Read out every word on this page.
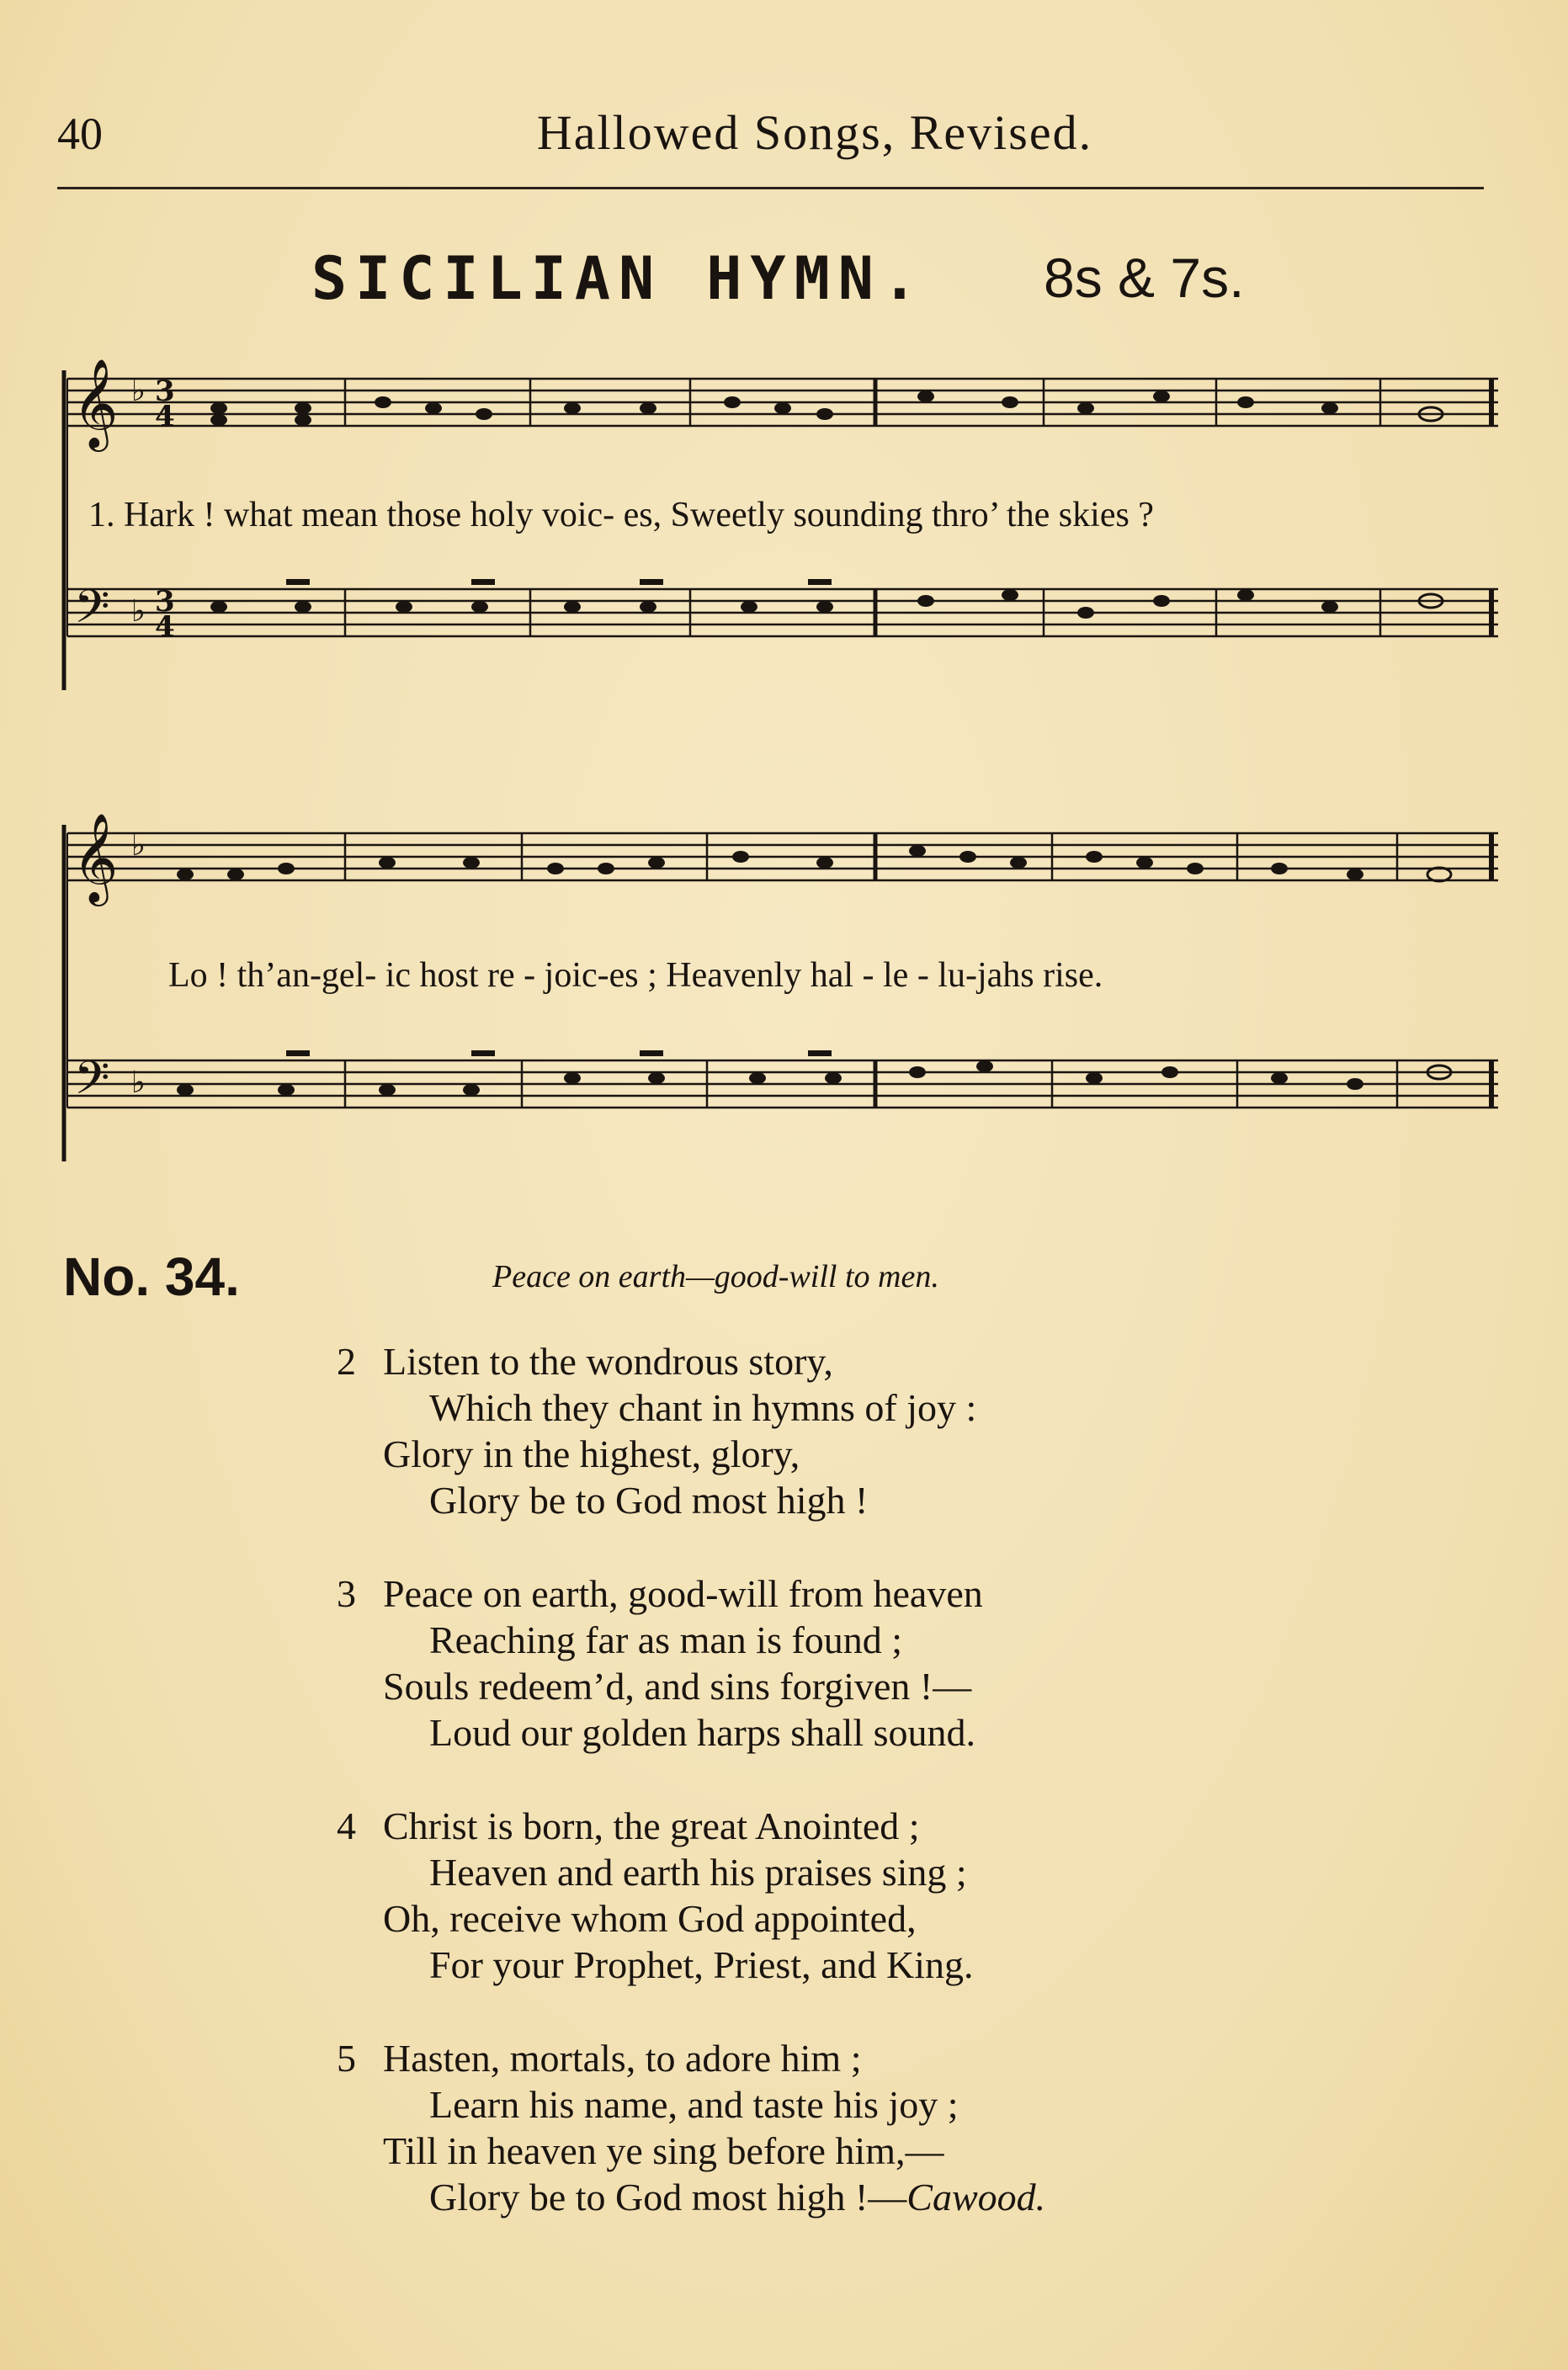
40	Hallowed Songs, Revised.
SICILIAN HYMN. 8s & 7s.
𝄞
𝄢
♭
♭
3
4
3
4
1. Hark ! what mean those holy voic- es, Sweetly sounding thro’ the skies ?
𝄞
𝄢
♭
♭
Lo ! th’an-gel- ic host re - joic-es ; Heavenly hal - le - lu-jahs rise.
No. 34.	Peace on earth—good-will to men.
2 Listen to the wondrous story,
Which they chant in hymns of joy :
Glory in the highest, glory,
Glory be to God most high !
3 Peace on earth, good-will from heaven
Reaching far as man is found ;
Souls redeem’d, and sins forgiven !—
Loud our golden harps shall sound.
4 Christ is born, the great Anointed ;
Heaven and earth his praises sing ;
Oh, receive whom God appointed,
For your Prophet, Priest, and King.
5 Hasten, mortals, to adore him ;
Learn his name, and taste his joy ;
Till in heaven ye sing before him,—
Glory be to God most high !—Cawood.
